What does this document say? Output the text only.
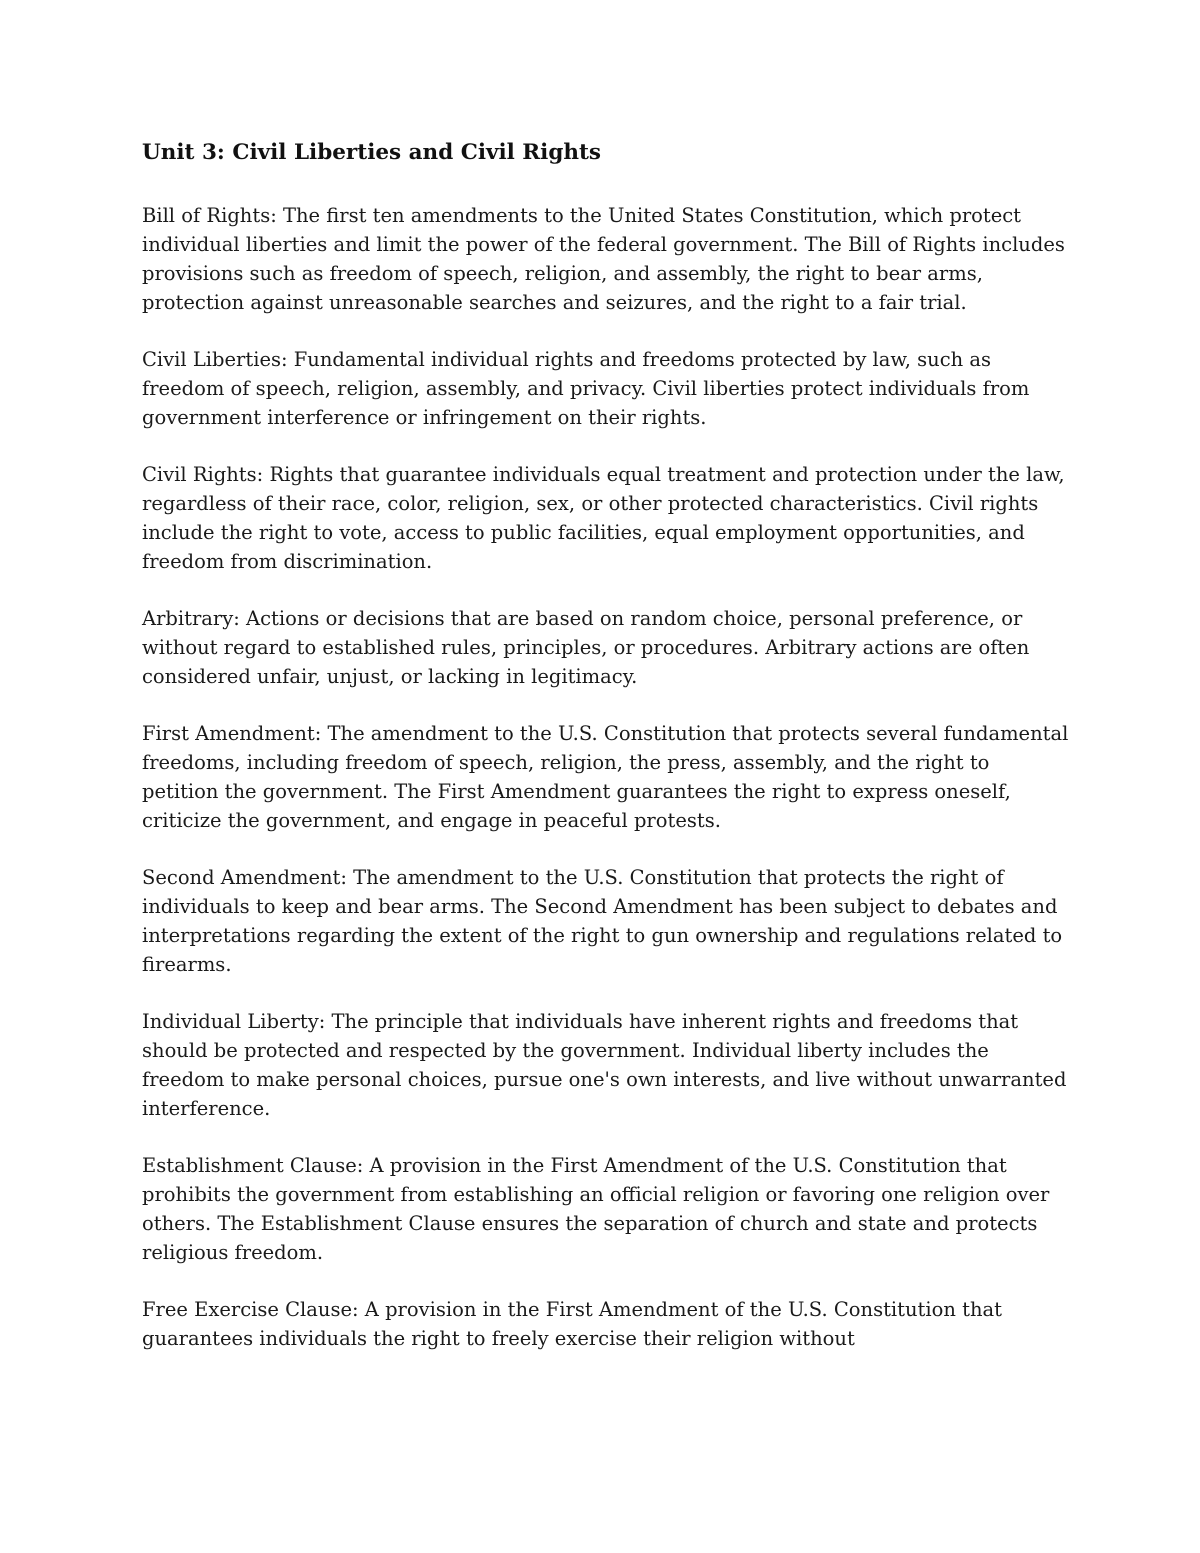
Unit 3: Civil Liberties and Civil Rights

Bill of Rights: The first ten amendments to the United States Constitution, which protect individual liberties and limit the power of the federal government. The Bill of Rights includes provisions such as freedom of speech, religion, and assembly, the right to bear arms, protection against unreasonable searches and seizures, and the right to a fair trial.

Civil Liberties: Fundamental individual rights and freedoms protected by law, such as freedom of speech, religion, assembly, and privacy. Civil liberties protect individuals from government interference or infringement on their rights.

Civil Rights: Rights that guarantee individuals equal treatment and protection under the law, regardless of their race, color, religion, sex, or other protected characteristics. Civil rights include the right to vote, access to public facilities, equal employment opportunities, and freedom from discrimination.

Arbitrary: Actions or decisions that are based on random choice, personal preference, or without regard to established rules, principles, or procedures. Arbitrary actions are often considered unfair, unjust, or lacking in legitimacy.

First Amendment: The amendment to the U.S. Constitution that protects several fundamental freedoms, including freedom of speech, religion, the press, assembly, and the right to petition the government. The First Amendment guarantees the right to express oneself, criticize the government, and engage in peaceful protests.

Second Amendment: The amendment to the U.S. Constitution that protects the right of individuals to keep and bear arms. The Second Amendment has been subject to debates and interpretations regarding the extent of the right to gun ownership and regulations related to firearms.

Individual Liberty: The principle that individuals have inherent rights and freedoms that should be protected and respected by the government. Individual liberty includes the freedom to make personal choices, pursue one's own interests, and live without unwarranted interference.

Establishment Clause: A provision in the First Amendment of the U.S. Constitution that prohibits the government from establishing an official religion or favoring one religion over others. The Establishment Clause ensures the separation of church and state and protects religious freedom.

Free Exercise Clause: A provision in the First Amendment of the U.S. Constitution that guarantees individuals the right to freely exercise their religion without
